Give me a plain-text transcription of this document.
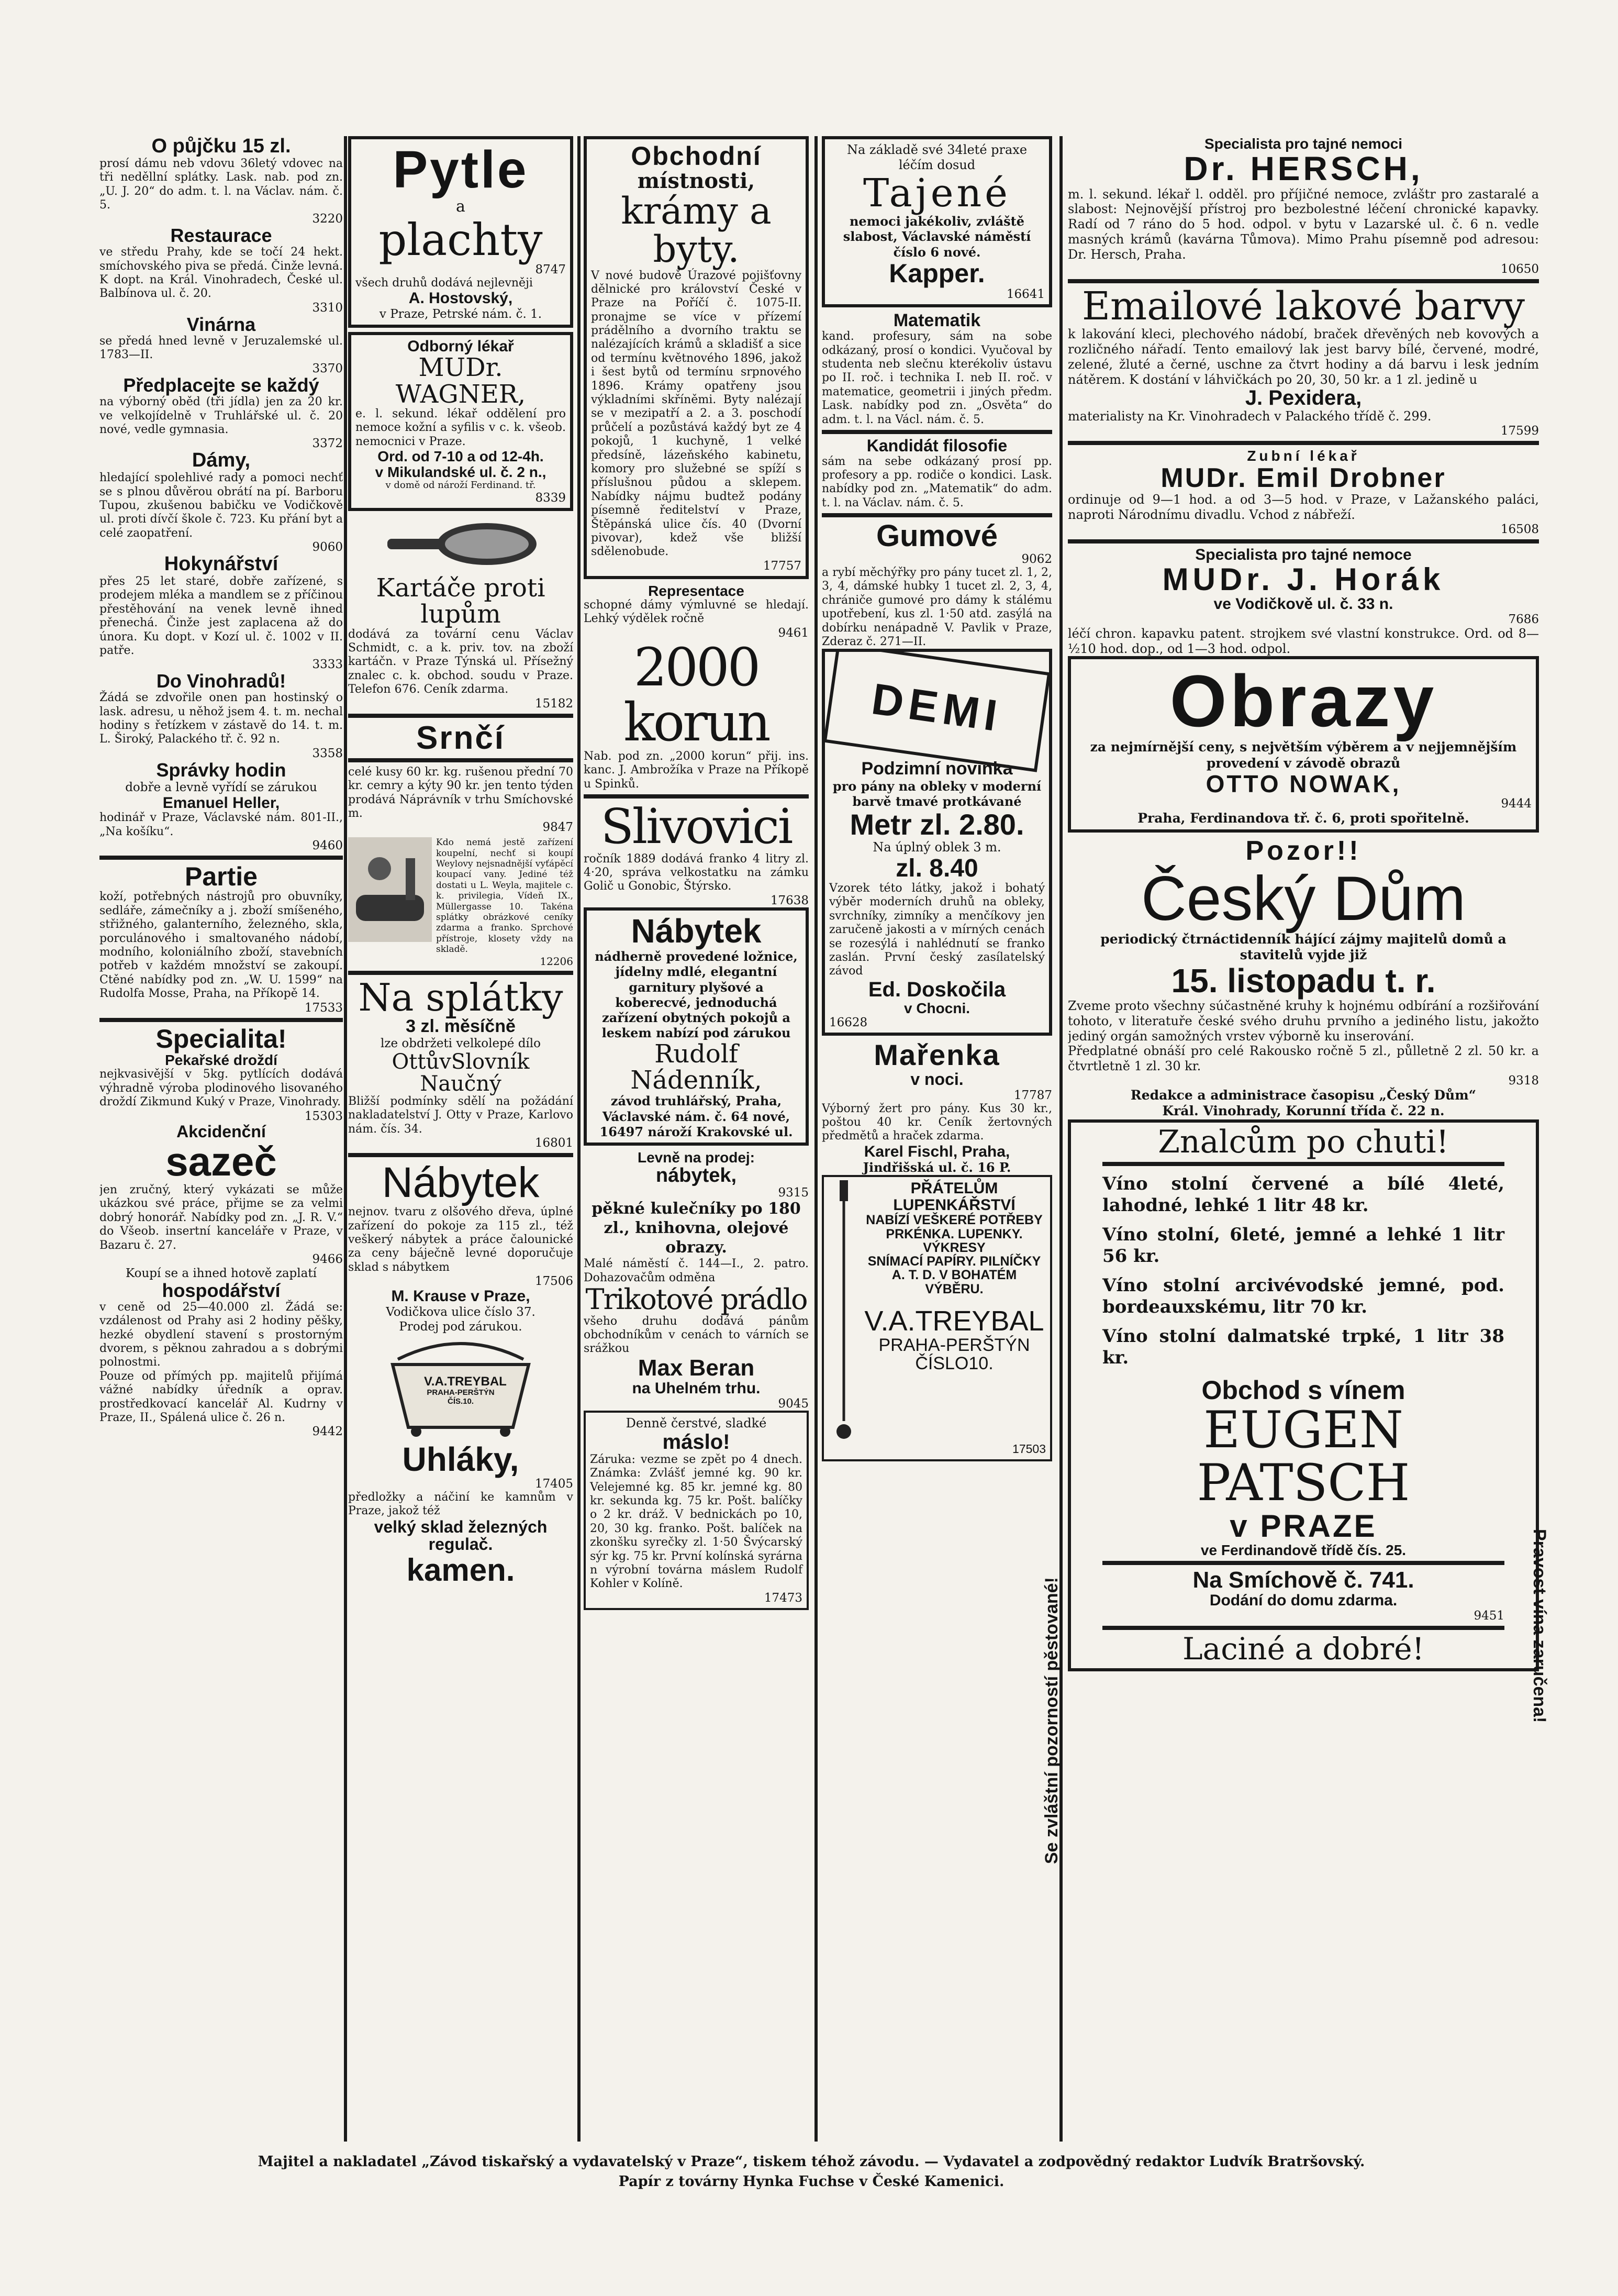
O půjčku 15 zl.

prosí dámu neb vdovu 36letý vdovec na tři neděllní splátky. Lask. nab. pod zn. „U. J. 20“ do adm. t. l. na Václav. nám. č. 5.

3220

Restaurace

ve středu Prahy, kde se točí 24 hekt. smíchovského piva se předá. Činže levná. K dopt. na Král. Vinohradech, České ul. Balbínova ul. č. 20.

3310

Vinárna

se předá hned levně v Jeruzalemské ul. 1783—II.

3370

Předplacejte se každý

na výborný oběd (tři jídla) jen za 20 kr. ve velkojídelně v Truhlářské ul. č. 20 nové, vedle gymnasia.

3372

Dámy,

hledající spolehlivé rady a pomoci nechť se s plnou důvěrou obrátí na pí. Barboru Tupou, zkušenou babičku ve Vodičkově ul. proti dívčí škole č. 723. Ku přání byt a celé zaopatření.

9060

Hokynářství

přes 25 let staré, dobře zařízené, s prodejem mléka a mandlem se z příčinou přestěhování na venek levně ihned přenechá. Činže jest zaplacena až do února. Ku dopt. v Kozí ul. č. 1002 v II. patře.

3333

Do Vinohradů!

Žádá se zdvořile onen pan hostinský o lask. adresu, u něhož jsem 4. t. m. nechal hodiny s řetízkem v zástavě do 14. t. m. L. Široký, Palackého tř. č. 92 n.

3358

Správky hodin

dobře a levně vyřídí se zárukou

Emanuel Heller,

hodinář v Praze, Václavské nám. 801-II., „Na košíku“.

9460

Partie

koží, potřebných nástrojů pro obuvníky, sedláře, zámečníky a j. zboží smíšeného, střižného, galanterního, železného, skla, porculánového i smaltovaného nádobí, modního, koloniálního zboží, stavebních potřeb v každém množství se zakoupí. Ctěné nabídky pod zn. „W. U. 1599“ na Rudolfa Mosse, Praha, na Příkopě 14.

17533

Specialita!

Pekařské droždí

nejkvasivější v 5kg. pytlících dodává výhradně výroba plodinového lisovaného droždí Zikmund Kuký v Praze, Vinohrady.

15303

Akcidenční

sazeč

jen zručný, který vykázati se může ukázkou své práce, přijme se za velmi dobrý honorář. Nabídky pod zn. „J. R. V.“ do Všeob. insertní kanceláře v Praze, v Bazaru č. 27.

9466

Koupí se a ihned hotově zaplatí

hospodářství

v ceně od 25—40.000 zl. Žádá se: vzdálenost od Prahy asi 2 hodiny pěšky, hezké obydlení stavení s prostorným dvorem, s pěknou zahradou a s dobrými polnostmi.

Pouze od přímých pp. majitelů přijímá vážné nabídky úředník a oprav. prostředkovací kancelář Al. Kudrny v Praze, II., Spálená ulice č. 26 n.

9442

Pytle

a

plachty

8747

všech druhů dodává nejlevněji

A. Hostovský,

v Praze, Petrské nám. č. 1.

Odborný lékař

MUDr. WAGNER,

e. l. sekund. lékař oddělení pro nemoce kožní a syfilis v c. k. všeob. nemocnici v Praze.

Ord. od 7-10 a od 12-4h.

v Mikulandské ul. č. 2 n.,

v domě od nároží Ferdinand. tř.

8339

Kartáče proti lupům

dodává za tovární cenu Václav Schmidt, c. a k. priv. tov. na zboží kartáčn. v Praze Týnská ul. Přísežný znalec c. k. obchod. soudu v Praze. Telefon 676. Ceník zdarma.

15182

Srnčí

celé kusy 60 kr. kg. rušenou přední 70 kr. cemry a kýty 90 kr. jen tento týden prodává Náprávník v trhu Smíchovské m.

9847

Kdo nemá jestě zařízení koupelní, nechť si koupí Weylovy nejsnadnější vyťápěcí koupací vany. Jediné též dostati u L. Weyla, majitele c. k. privilegia, Vídeň IX., Müllergasse 10. Takéna splátky obrázkové ceníky zdarma a franko. Sprchové přístroje, klosety vždy na skladě.

12206

Na splátky

3 zl. měsíčně

lze obdržeti velkolepé dílo

OttůvSlovník Naučný

Bližší podmínky sdělí na požádání nakladatelství J. Otty v Praze, Karlovo nám. čís. 34.

16801

Nábytek

nejnov. tvaru z olšového dřeva, úplné zařízení do pokoje za 115 zl., též veškerý nábytek a práce čalounické za ceny báječně levné doporučuje sklad s nábytkem

17506

M. Krause v Praze,

Vodičkova ulice číslo 37.

Prodej pod zárukou.

V.A.TREYBAL
PRAHA-PERŠTÝN
ČÍS.10.

Uhláky,

17405

předložky a náčiní ke kamnům v Praze, jakož též

velký sklad železných regulač.

kamen.

Obchodní

místnosti,

krámy a byty.

V nové budově Úrazové pojišťovny dělnické pro království České v Praze na Poříčí č. 1075-II. pronajme se více v přízemí prádělního a dvorního traktu se nalézajících krámů a skladišť a sice od termínu květnového 1896, jakož i šest bytů od termínu srpnového 1896. Krámy opatřeny jsou výkladními skříněmi. Byty nalézají se v mezipatří a 2. a 3. poschodí průčelí a pozůstává každý byt ze 4 pokojů, 1 kuchyně, 1 velké předsíně, lázeňského kabinetu, komory pro služebné se spíží s příslušnou půdou a sklepem. Nabídky nájmu budtež podány písemně ředitelství v Praze, Štěpánská ulice čís. 40 (Dvorní pivovar), kdež vše bližší sdělenobude.

17757

Representace

schopné dámy výmluvné se hledají. Lehký výdělek ročně

9461

2000 korun

Nab. pod zn. „2000 korun“ přij. ins. kanc. J. Ambrožíka v Praze na Příkopě u Spinků.

Slivovici

ročník 1889 dodává franko 4 litry zl. 4·20, správa velkostatku na zámku Golič u Gonobic, Štýrsko.

17638

Nábytek

nádherně provedené ložnice, jídelny mdlé, elegantní garnitury plyšové a koberecvé, jednoduchá zařízení obytných pokojů a leskem nabízí pod zárukou

Rudolf Nádenník,

závod truhlářský, Praha, Václavské nám. č. 64 nové, 16497 nároží Krakovské ul.

Levně na prodej:

nábytek,

9315

pěkné kulečníky po 180 zl., knihovna, olejové obrazy.

Malé náměstí č. 144—I., 2. patro. Dohazovačům odměna

Trikotové prádlo

všeho druhu dodává pánům obchodníkům v cenách to várních se srážkou

Max Beran

na Uhelném trhu.

9045

Denně čerstvé, sladké

máslo!

Záruka: vezme se zpět po 4 dnech. Známka: Zvlášť jemné kg. 90 kr. Velejemné kg. 85 kr. jemné kg. 80 kr. sekunda kg. 75 kr. Pošt. balíčky o 2 kr. dráž. V bednickách po 10, 20, 30 kg. franko. Pošt. balíček na zkonšku syrečky zl. 1·50 Švýcarský sýr kg. 75 kr. První kolínská syrárna n výrobní továrna máslem Rudolf Kohler v Kolíně.

17473

Na základě své 34leté praxe léčím dosud

Tajené

nemoci jakékoliv, zvláště slabost, Václavské náměstí číslo 6 nové.

Kapper.

16641

Matematik

kand. profesury, sám na sobe odkázaný, prosí o kondici. Vyučoval by studenta neb slečnu kterékoliv ústavu po II. roč. i technika I. neb II. roč. v matematice, geometrii i jiných předm. Lask. nabídky pod zn. „Osvěta“ do adm. t. l. na Václ. nám. č. 5.

Kandidát filosofie

sám na sebe odkázaný prosí pp. profesory a pp. rodiče o kondici. Lask. nabídky pod zn. „Matematik“ do adm. t. l. na Václav. nám. č. 5.

Gumové

9062

a rybí měchýřky pro pány tucet zl. 1, 2, 3, 4, dámské hubky 1 tucet zl. 2, 3, 4, chrániče gumové pro dámy k stálému upotřebení, kus zl. 1·50 atd. zasýlá na dobírku nenápadně V. Pavlik v Praze, Zderaz č. 271—II.

DEMI

Podzimní novinka

pro pány na obleky v moderní barvě tmavé protkávané

Metr zl. 2.80.

Na úplný oblek 3 m.

zl. 8.40

Vzorek této látky, jakož i bohatý výběr moderních druhů na obleky, svrchníky, zimníky a menčíkovy jen zaručeně jakosti a v mírných cenách se rozesýlá i nahlédnutí se franko zaslán. První český zasílatelský závod

Ed. Doskočila

v Chocni.

16628

Mařenka

v noci.

17787

Výborný žert pro pány. Kus 30 kr., poštou 40 kr. Ceník žertovných předmětů a hraček zdarma.

Karel Fischl, Praha,

Jindřišská ul. č. 16 P.

PŘÁTELŮM LUPENKÁŘSTVÍ

NABÍZÍ VEŠKERÉ POTŘEBY

PRKÉNKA. LUPENKY. VÝKRESY

SNÍMACÍ PAPÍRY. PILNÍČKY

A. T. D. V BOHATÉM VÝBĚRU.

V.A.TREYBAL

PRAHA-PERŠTÝN

ČÍSLO10.

17503

Specialista pro tajné nemoci

Dr. HERSCH,

m. l. sekund. lékař l. odděl. pro příjičné nemoce, zvláštr pro zastaralé a slabost: Nejnovější přístroj pro bezbolestné léčení chronické kapavky. Radí od 7 ráno do 5 hod. odpol. v bytu v Lazarské ul. č. 6 n. vedle masných krámů (kavárna Tůmova). Mimo Prahu písemně pod adresou: Dr. Hersch, Praha.

10650

Emailové lakové barvy

k lakování kleci, plechového nádobí, braček dřevěných neb kovových a rozličného nářadí. Tento emailový lak jest barvy bílé, červené, modré, zelené, žluté a černé, uschne za čtvrt hodiny a dá barvu i lesk jedním nátěrem. K dostání v láhvičkách po 20, 30, 50 kr. a 1 zl. jedině u

J. Pexidera,

materialisty na Kr. Vinohradech v Palackého třídě č. 299.

17599

Zubní lékař

MUDr. Emil Drobner

ordinuje od 9—1 hod. a od 3—5 hod. v Praze, v Lažanského paláci, naproti Národnímu divadlu. Vchod z nábřeží.

16508

Specialista pro tajné nemoce

MUDr. J. Horák

ve Vodičkově ul. č. 33 n.

7686

léčí chron. kapavku patent. strojkem své vlastní konstrukce. Ord. od 8—½10 hod. dop., od 1—3 hod. odpol.

Obrazy

za nejmírnější ceny, s největším výběrem a v nejjemnějším provedení v závodě obrazů

OTTO NOWAK,

9444

Praha, Ferdinandova tř. č. 6, proti spořitelně.

Pozor!!

Český Dům

periodický čtrnáctidenník hájící zájmy majitelů domů a stavitelů vyjde již

15. listopadu t. r.

Zveme proto všechny súčastněné kruhy k hojnému odbírání a rozšiřování tohoto, v literatuře české svého druhu prvního a jediného listu, jakožto jediný orgán samožných vrstev výborně ku inserování.

Předplatné obnáší pro celé Rakousko ročně 5 zl., půlletně 2 zl. 50 kr. a čtvrtletně 1 zl. 30 kr.

9318

Redakce a administrace časopisu „Český Dům“

Král. Vinohrady, Korunní třída č. 22 n.

Znalcům po chuti!

Víno stolní červené a bílé 4leté, lahodné, lehké 1 litr 48 kr.

Víno stolní, 6leté, jemné a lehké 1 litr 56 kr.

Víno stolní arcivévodské jemné, pod. bordeauxskému, litr 70 kr.

Víno stolní dalmatské trpké, 1 litr 38 kr.

Obchod s vínem

EUGEN PATSCH

v PRAZE

ve Ferdinandově třídě čís. 25.

Na Smíchově č. 741.

Dodání do domu zdarma.

9451

Laciné a dobré!

Se zvláštní pozorností pěstované!	Pravost vína zaručena!
Majitel a nakladatel „Závod tiskařský a vydavatelský v Praze“, tiskem téhož závodu. — Vydavatel a zodpovědný redaktor Ludvík Bratršovský.
Papír z továrny Hynka Fuchse v České Kamenici.
